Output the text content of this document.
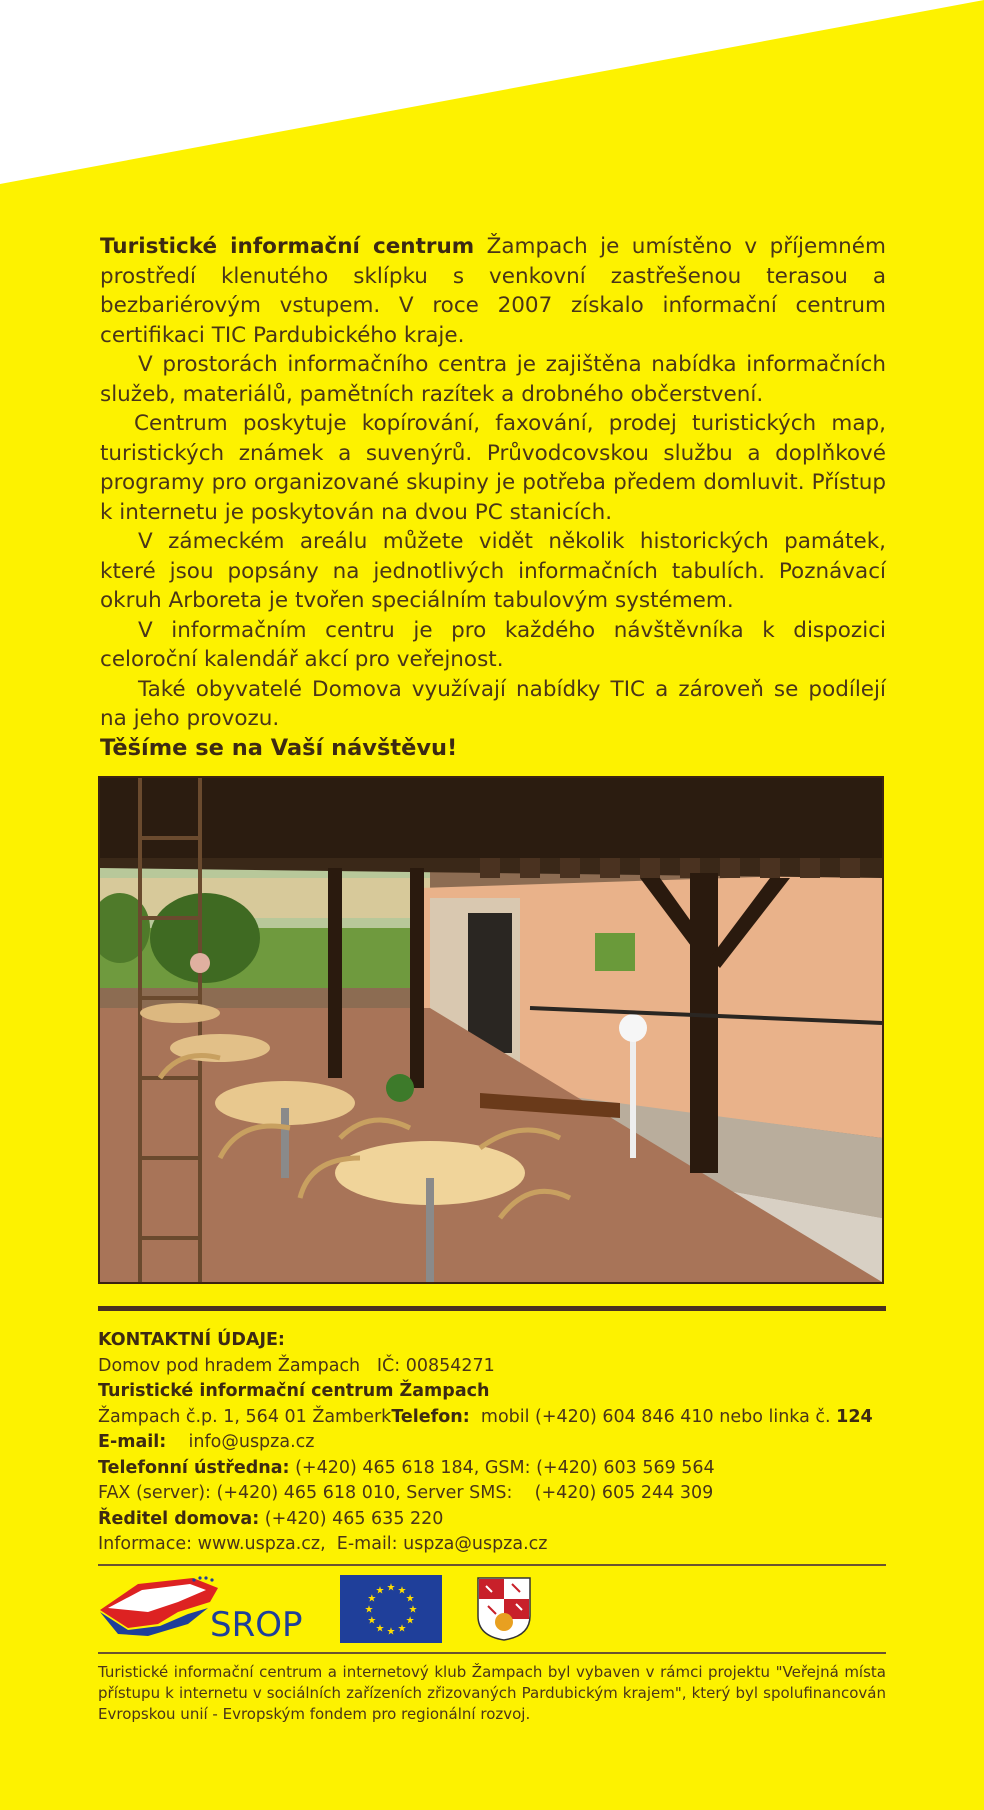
Turistické informační centrum Žampach je umístěno v příjemném prostředí klenutého sklípku s venkovní zastřešenou terasou a bezbariérovým vstupem. V roce 2007 získalo informační centrum certifikaci TIC Pardubického kraje.

V prostorách informačního centra je zajištěna nabídka informačních služeb, materiálů, pamětních razítek a drobného občerstvení.

Centrum poskytuje kopírování, faxování, prodej turistických map, turistických známek a suvenýrů. Průvodcovskou službu a doplňkové programy pro organizované skupiny je potřeba předem domluvit. Přístup k internetu je poskytován na dvou PC stanicích.

V zámeckém areálu můžete vidět několik historických památek, které jsou popsány na jednotlivých informačních tabulích. Poznávací okruh Arboreta je tvořen speciálním tabulovým systémem.

V informačním centru je pro každého návštěvníka k dispozici celoroční kalendář akcí pro veřejnost.

Také obyvatelé Domova využívají nabídky TIC a zároveň se podílejí na jeho provozu.

Těšíme se na Vaší návštěvu!

KONTAKTNÍ ÚDAJE:
Domov pod hradem Žampach IČ: 00854271
Turistické informační centrum Žampach
Žampach č.p. 1, 564 01 ŽamberkTelefon: mobil (+420) 604 846 410 nebo linka č. 124
E-mail: info@uspza.cz
Telefonní ústředna: (+420) 465 618 184, GSM: (+420) 603 569 564
FAX (server): (+420) 465 618 010, Server SMS:    (+420) 605 244 309
Ředitel domova: (+420) 465 635 220
Informace: www.uspza.cz,  E-mail: uspza@uspza.cz
SROP
★ ★
★
★
★
★
★
★
★
★
★
★
Turistické informační centrum a internetový klub Žampach byl vybaven v rámci projektu "Veřejná místa přístupu k internetu v sociálních zařízeních zřizovaných Pardubickým krajem", který byl spolufinancován Evropskou unií - Evropským fondem pro regionální rozvoj.
